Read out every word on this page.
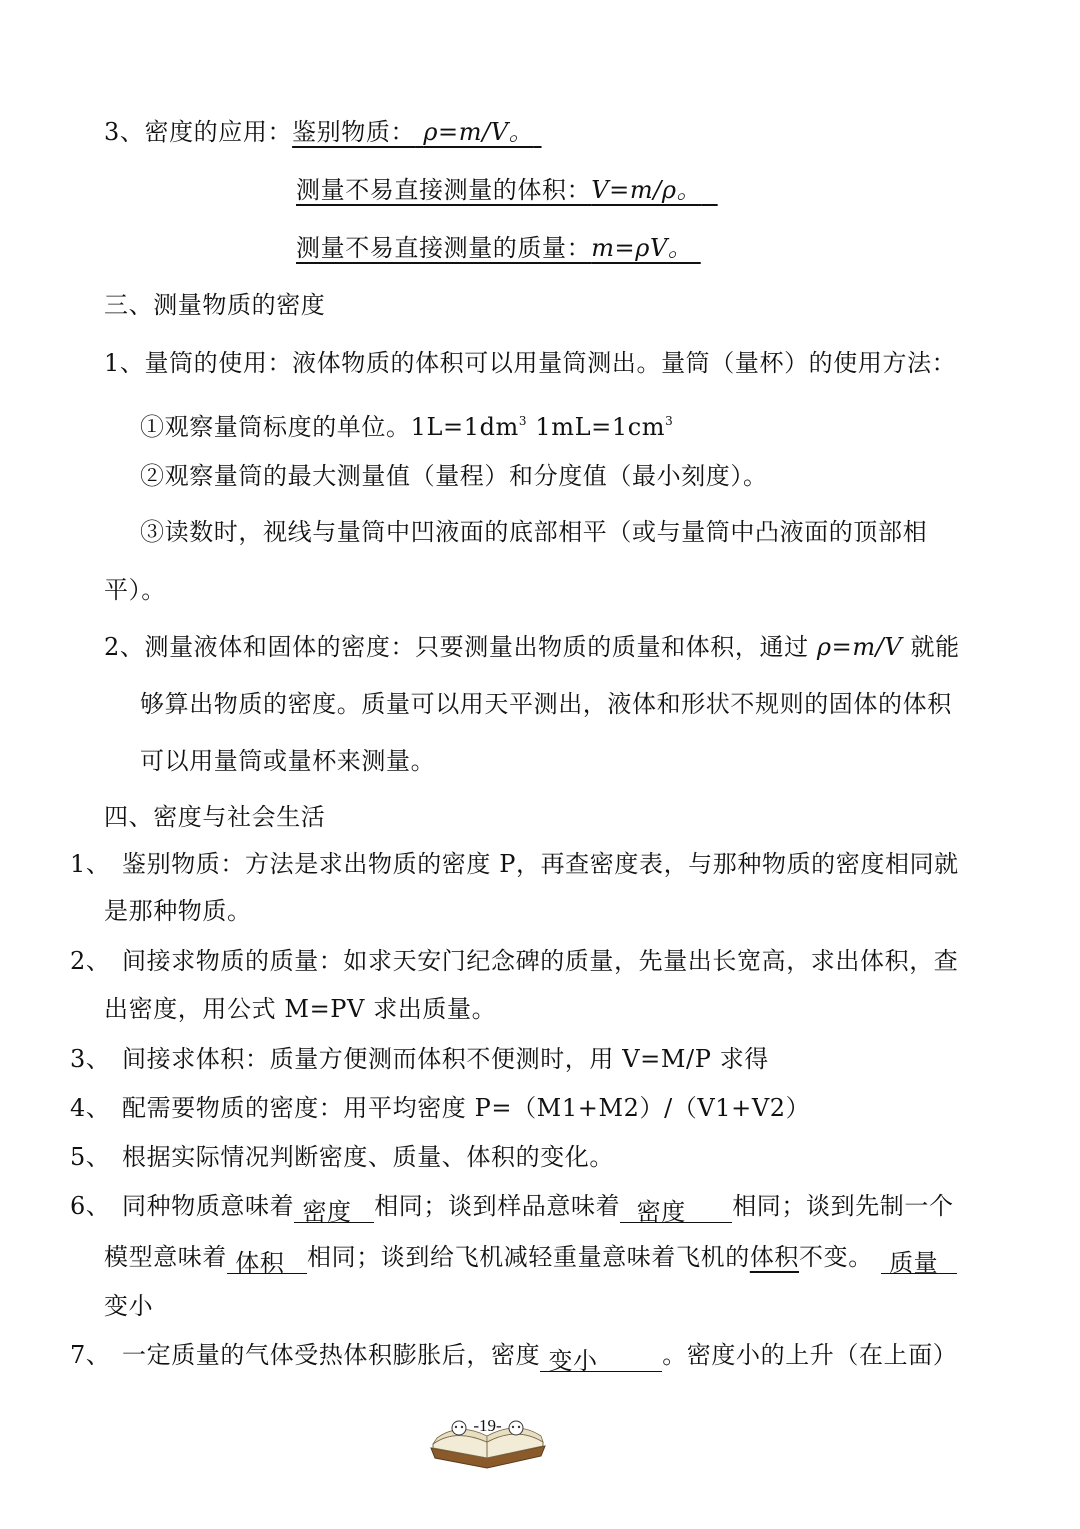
3、密度的应用：鉴别物质： ρ=m/V。
测量不易直接测量的体积：V=m/ρ。
测量不易直接测量的质量：m=ρV。
三、测量物质的密度
1、量筒的使用：液体物质的体积可以用量筒测出。量筒（量杯）的使用方法：
①观察量筒标度的单位。$1L=1dm^3$ $1mL=1cm^3$
②观察量筒的最大测量值（量程）和分度值（最小刻度）。
③读数时，视线与量筒中凹液面的底部相平（或与量筒中凸液面的顶部相
平）。
2、测量液体和固体的密度：只要测量出物质的质量和体积，通过 ρ=m/V 就能
够算出物质的密度。质量可以用天平测出，液体和形状不规则的固体的体积
可以用量筒或量杯来测量。
四、密度与社会生活
1、 鉴别物质：方法是求出物质的密度 P，再查密度表，与那种物质的密度相同就
是那种物质。
2、 间接求物质的质量：如求天安门纪念碑的质量，先量出长宽高，求出体积，查
出密度，用公式 M=PV 求出质量。
3、 间接求体积：质量方便测而体积不便测时，用 V=M/P 求得
4、 配需要物质的密度：用平均密度 P=（M1+M2）/（V1+V2）
5、 根据实际情况判断密度、质量、体积的变化。
6、 同种物质意味着 密度 相同；谈到样品意味着 密度 相同；谈到先制一个
模型意味着 体积 相同；谈到给飞机减轻重量意味着飞机的体积不变。 质量
变小
7、 一定质量的气体受热体积膨胀后，密度 变小	。密度小的上升（在上面）
-19-
